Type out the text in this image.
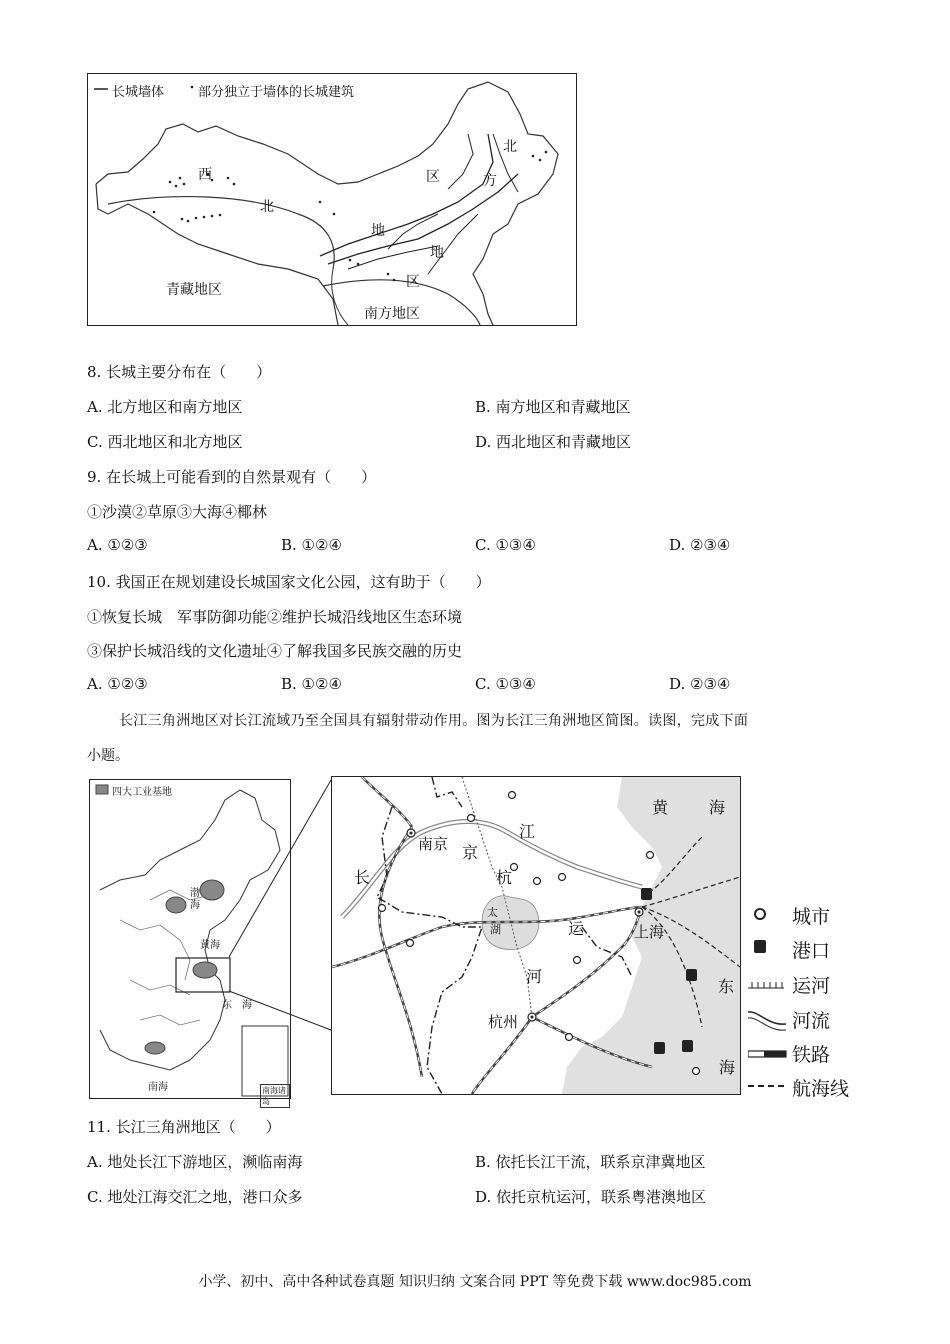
长城墙体	部分独立于墙体的长城建筑
西
北
地
区
北
方
地
区
青藏地区
南方地区
8. 长城主要分布在（　　）
A. 北方地区和南方地区	B. 南方地区和青藏地区
C. 西北地区和北方地区	D. 西北地区和青藏地区
9. 在长城上可能看到的自然景观有（　　）
①沙漠②草原③大海④椰林
A. ①②③	B. ①②④	C. ①③④	D. ②③④
10. 我国正在规划建设长城国家文化公园，这有助于（　　）
①恢复长城　军事防御功能②维护长城沿线地区生态环境
③保护长城沿线的文化遗址④了解我国多民族交融的历史
A. ①②③	B. ①②④	C. ①③④	D. ②③④
长江三角洲地区对长江流域乃至全国具有辐射带动作用。图为长江三角洲地区简图。读图，完成下面
小题。
四大工业基地
渤海
黄海
东　海
南海	南海诸岛
黄	海
南京
江
京
长	杭
太
湖	运
河
上海
杭州
东
海
城市
港口
运河
河流
铁路
航海线
11. 长江三角洲地区（　　）
A. 地处长江下游地区，濒临南海	B. 依托长江干流，联系京津冀地区
C. 地处江海交汇之地，港口众多	D. 依托京杭运河，联系粤港澳地区
小学、初中、高中各种试卷真题 知识归纳 文案合同 PPT 等免费下载 www.doc985.com
